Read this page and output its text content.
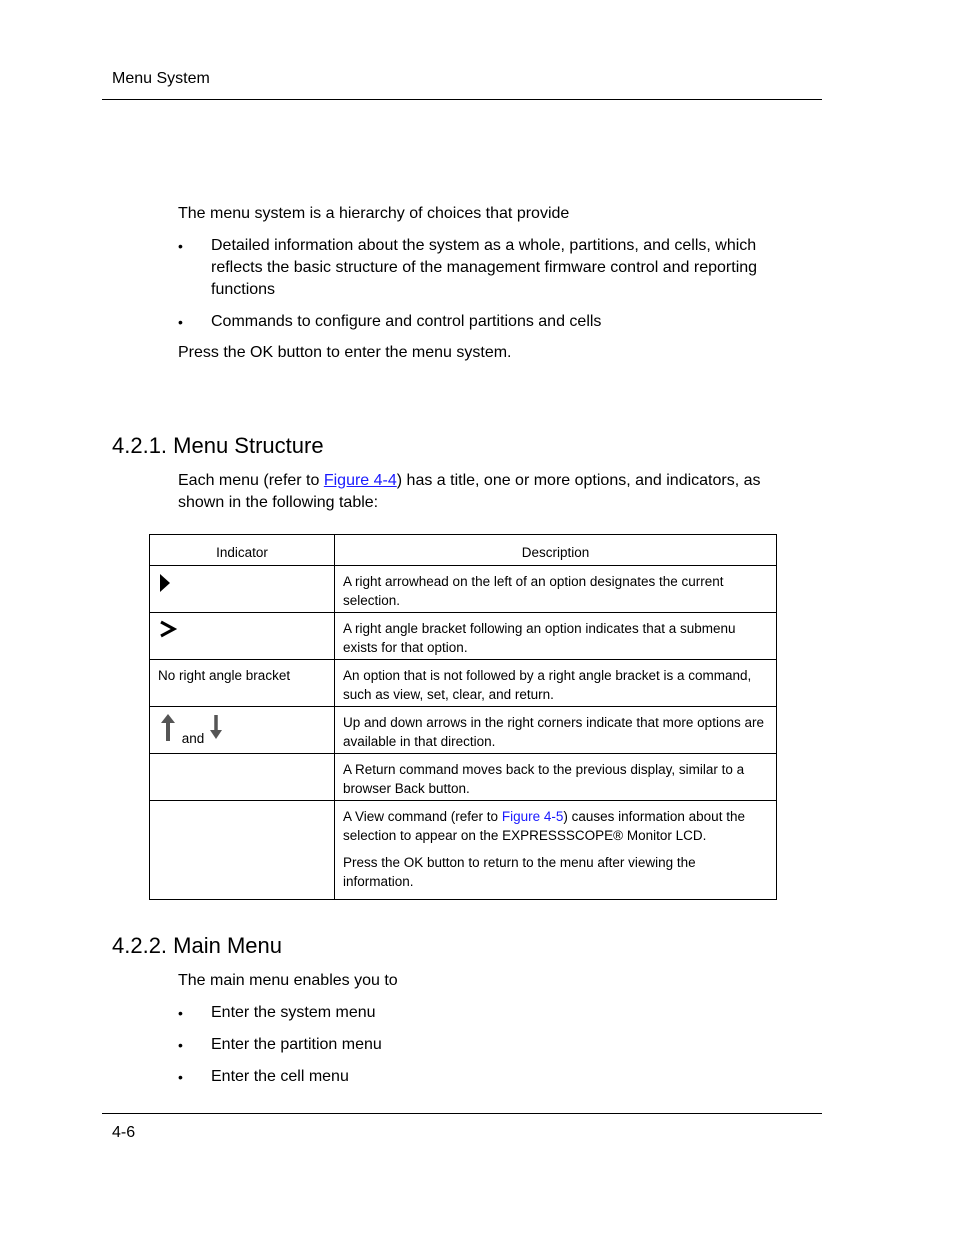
Menu System
The menu system is a hierarchy of choices that provide
• Detailed information about the system as a whole, partitions, and cells, which reflects the basic structure of the management firmware control and reporting functions
• Commands to configure and control partitions and cells
Press the OK button to enter the menu system.
4.2.1. Menu Structure
Each menu (refer to Figure 4-4) has a title, one or more options, and indicators, as shown in the following table:
Indicator	Description
	A right arrowhead on the left of an option designates the current selection.
	A right angle bracket following an option indicates that a submenu exists for that option.
No right angle bracket	An option that is not followed by a right angle bracket is a command, such as view, set, clear, and return.
and	Up and down arrows in the right corners indicate that more options are available in that direction.
	A Return command moves back to the previous display, similar to a browser Back button.

	A View command (refer to Figure 4-5) causes information about the selection to appear on the EXPRESSSCOPE® Monitor LCD.

Press the OK button to return to the menu after viewing the information.

4.2.2. Main Menu
The main menu enables you to
• Enter the system menu
• Enter the partition menu
• Enter the cell menu
4-6
